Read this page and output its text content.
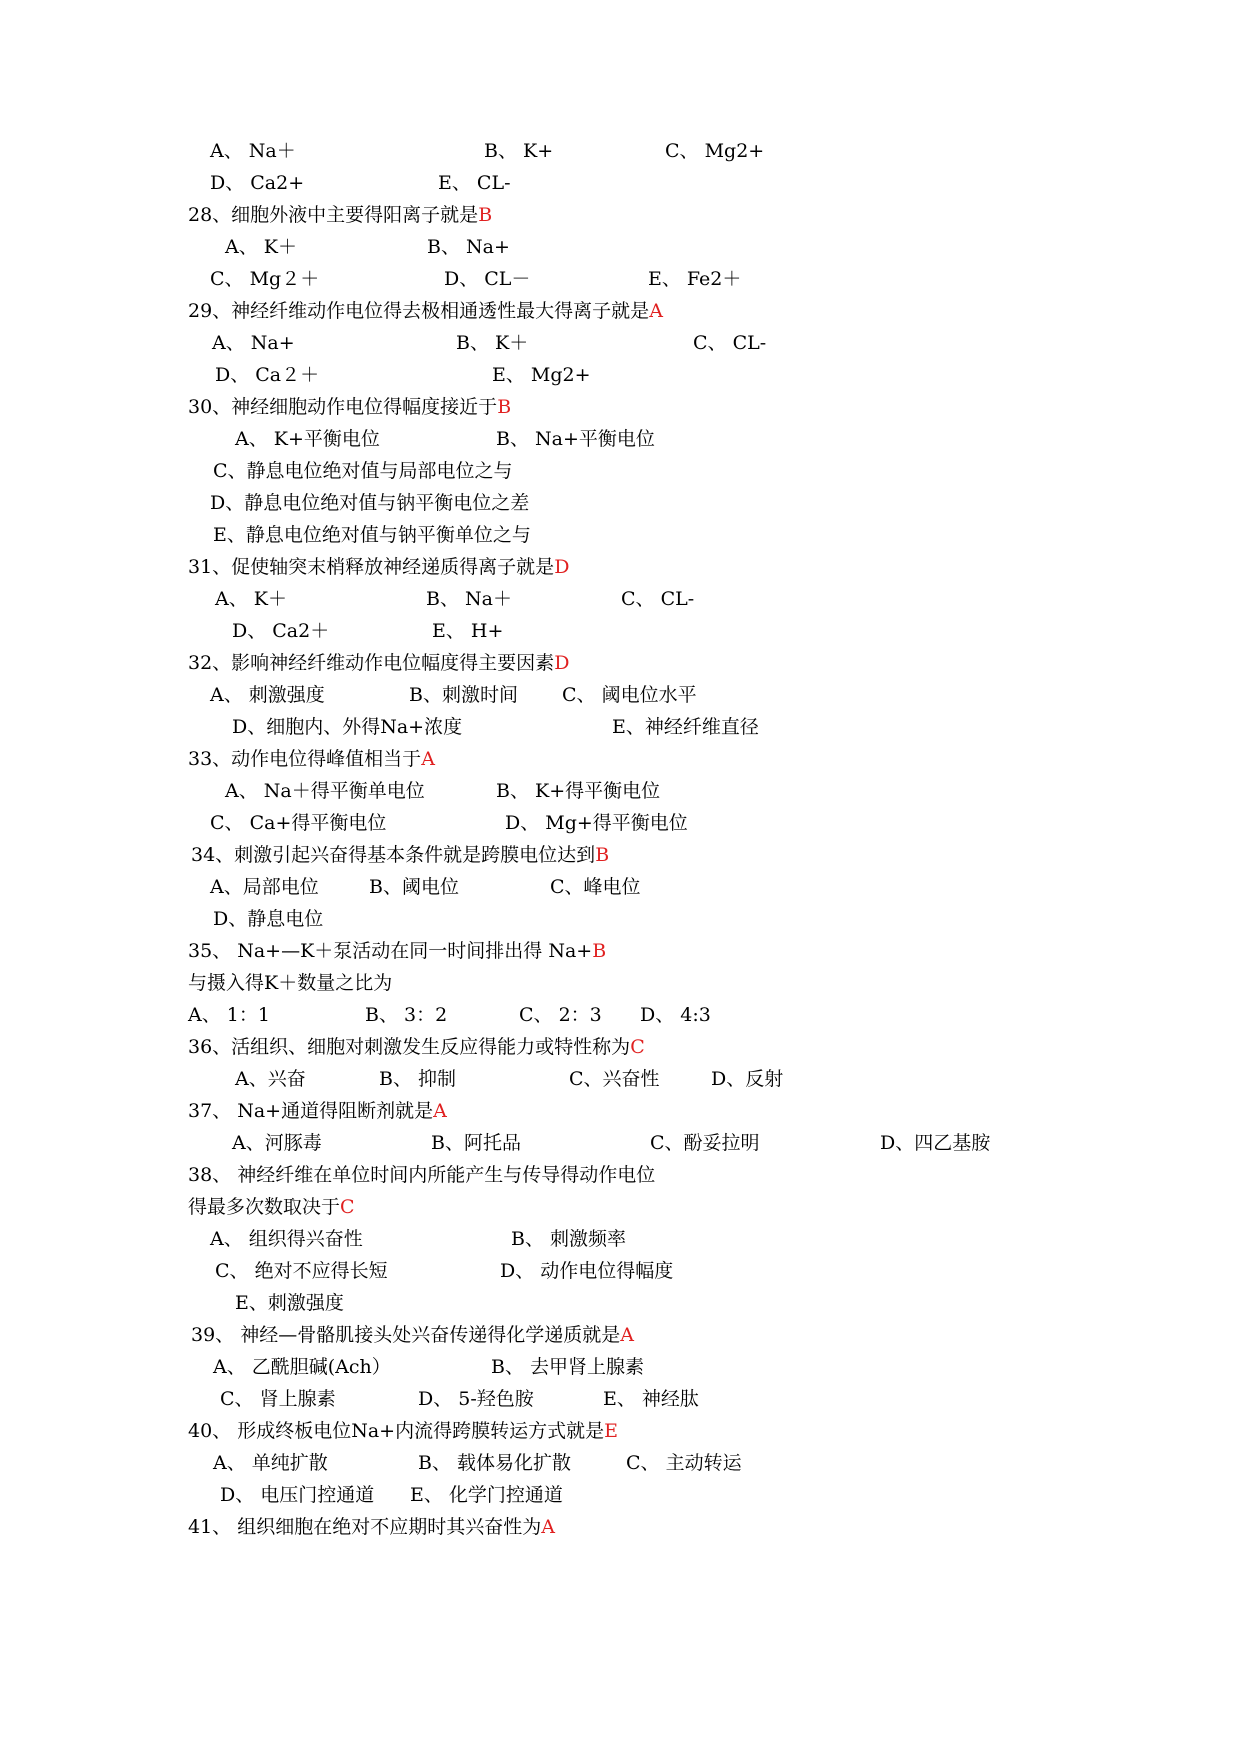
A、 Na＋	B、 K+	C、 Mg2+
D、 Ca2+	E、 CL-
28、细胞外液中主要得阳离子就是B
A、 K＋	B、 Na+
C、 Mg２＋	D、 CL－	E、 Fe2＋
29、神经纤维动作电位得去极相通透性最大得离子就是A
A、 Na+	B、 K＋	C、 CL-
D、 Ca２＋	E、 Mg2+
30、神经细胞动作电位得幅度接近于B
A、 K+平衡电位	B、 Na+平衡电位
C、静息电位绝对值与局部电位之与
D、静息电位绝对值与钠平衡电位之差
E、静息电位绝对值与钠平衡单位之与
31、促使轴突末梢释放神经递质得离子就是D
A、 K＋	B、 Na＋	C、 CL-
D、 Ca2＋	E、 H+
32、影响神经纤维动作电位幅度得主要因素D
A、 刺激强度	B、刺激时间 C、 阈电位水平
D、细胞内、外得Na+浓度	E、神经纤维直径
33、动作电位得峰值相当于A
A、 Na＋得平衡单电位	B、 K+得平衡电位
C、 Ca+得平衡电位	D、 Mg+得平衡电位
34、刺激引起兴奋得基本条件就是跨膜电位达到B
A、局部电位	B、阈电位	C、峰电位
D、静息电位
35、 Na+—K＋泵活动在同一时间排出得 Na+B
与摄入得K＋数量之比为
A、 1：1	B、 3：2	C、 2：3 D、 4:3
36、活组织、细胞对刺激发生反应得能力或特性称为C
A、兴奋	B、 抑制	C、兴奋性	D、反射
37、 Na+通道得阻断剂就是A
A、河豚毒	B、阿托品	C、酚妥拉明	D、四乙基胺
38、 神经纤维在单位时间内所能产生与传导得动作电位
得最多次数取决于C
A、 组织得兴奋性	B、 刺激频率
C、 绝对不应得长短	D、 动作电位得幅度
E、刺激强度
39、 神经—骨骼肌接头处兴奋传递得化学递质就是A
A、 乙酰胆碱(Ach）	B、 去甲肾上腺素
C、 肾上腺素	D、 5-羟色胺	E、 神经肽
40、 形成终板电位Na+内流得跨膜转运方式就是E
A、 单纯扩散	B、 载体易化扩散	C、 主动转运
D、 电压门控通道 E、 化学门控通道
41、 组织细胞在绝对不应期时其兴奋性为A
